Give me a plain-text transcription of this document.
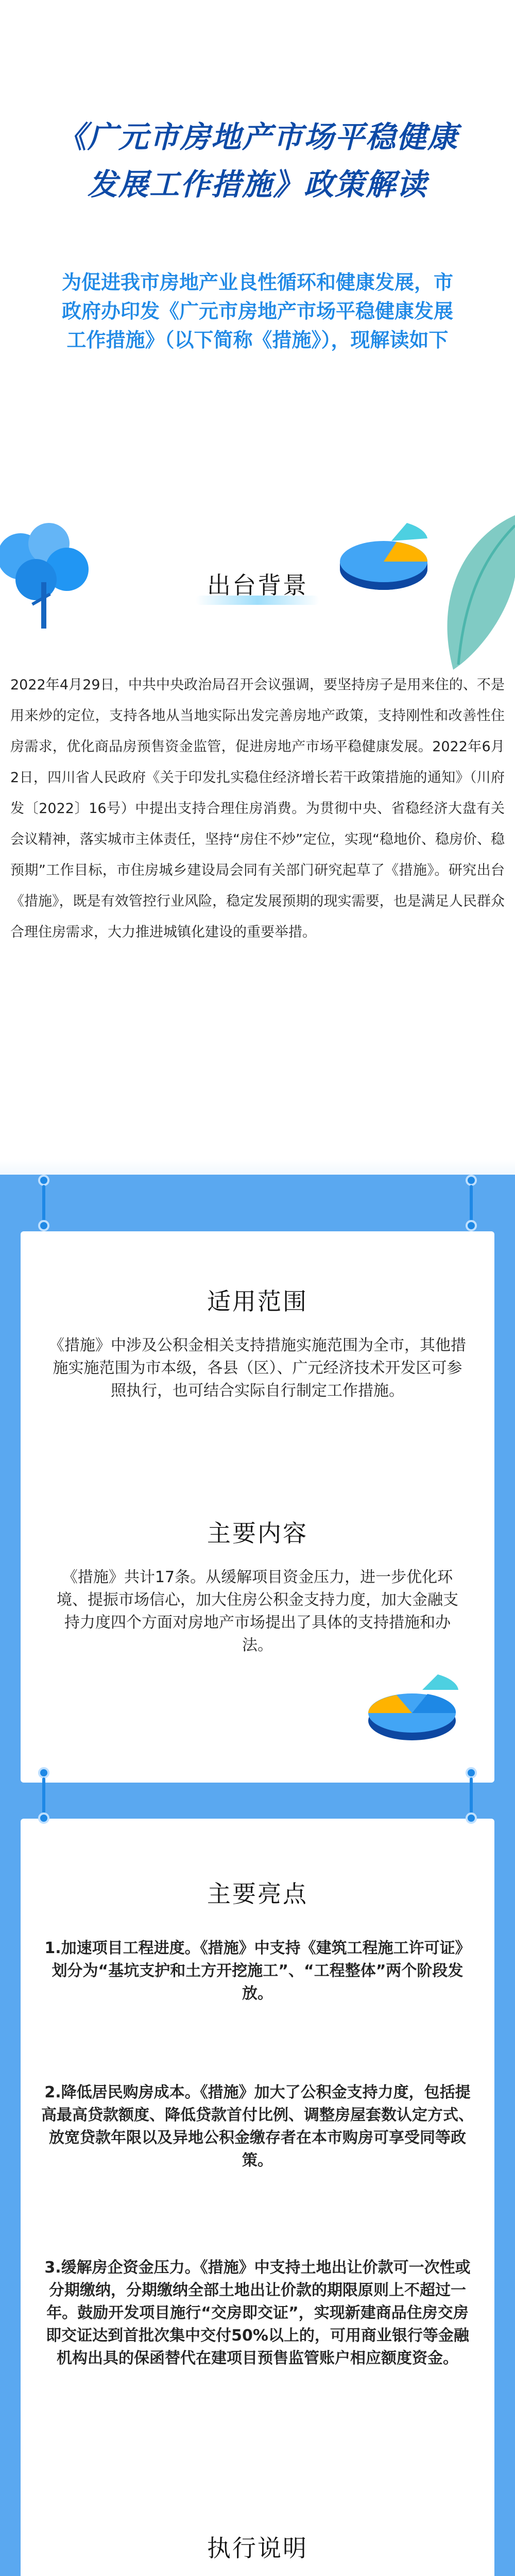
《广元市房地产市场平稳健康 发展工作措施》政策解读
为促进我市房地产业良性循环和健康发展，市政府办印发《广元市房地产市场平稳健康发展工作措施》（以下简称《措施》），现解读如下
出台背景
2022年4月29日，中共中央政治局召开会议强调，要坚持房子是用来住的、不是用来炒的定位，支持各地从当地实际出发完善房地产政策，支持刚性和改善性住房需求，优化商品房预售资金监管，促进房地产市场平稳健康发展。2022年6月2日，四川省人民政府《关于印发扎实稳住经济增长若干政策措施的通知》（川府发〔2022〕16号）中提出支持合理住房消费。为贯彻中央、省稳经济大盘有关会议精神，落实城市主体责任，坚持“房住不炒”定位，实现“稳地价、稳房价、稳预期”工作目标，市住房城乡建设局会同有关部门研究起草了《措施》。研究出台《措施》，既是有效管控行业风险，稳定发展预期的现实需要，也是满足人民群众合理住房需求，大力推进城镇化建设的重要举措。
适用范围
《措施》中涉及公积金相关支持措施实施范围为全市，其他措施实施范围为市本级，各县（区）、广元经济技术开发区可参照执行，也可结合实际自行制定工作措施。
主要内容
《措施》共计17条。从缓解项目资金压力，进一步优化环境、提振市场信心，加大住房公积金支持力度，加大金融支持力度四个方面对房地产市场提出了具体的支持措施和办法。
主要亮点
1.加速项目工程进度。《措施》中支持《建筑工程施工许可证》划分为“基坑支护和土方开挖施工”、“工程整体”两个阶段发放。
2.降低居民购房成本。《措施》加大了公积金支持力度，包括提高最高贷款额度、降低贷款首付比例、调整房屋套数认定方式、放宽贷款年限以及异地公积金缴存者在本市购房可享受同等政策。
3.缓解房企资金压力。《措施》中支持土地出让价款可一次性或分期缴纳，分期缴纳全部土地出让价款的期限原则上不超过一年。鼓励开发项目施行“交房即交证”，实现新建商品住房交房即交证达到首批次集中交付50%以上的，可用商业银行等金融机构出具的保函替代在建项目预售监管账户相应额度资金。
执行说明
